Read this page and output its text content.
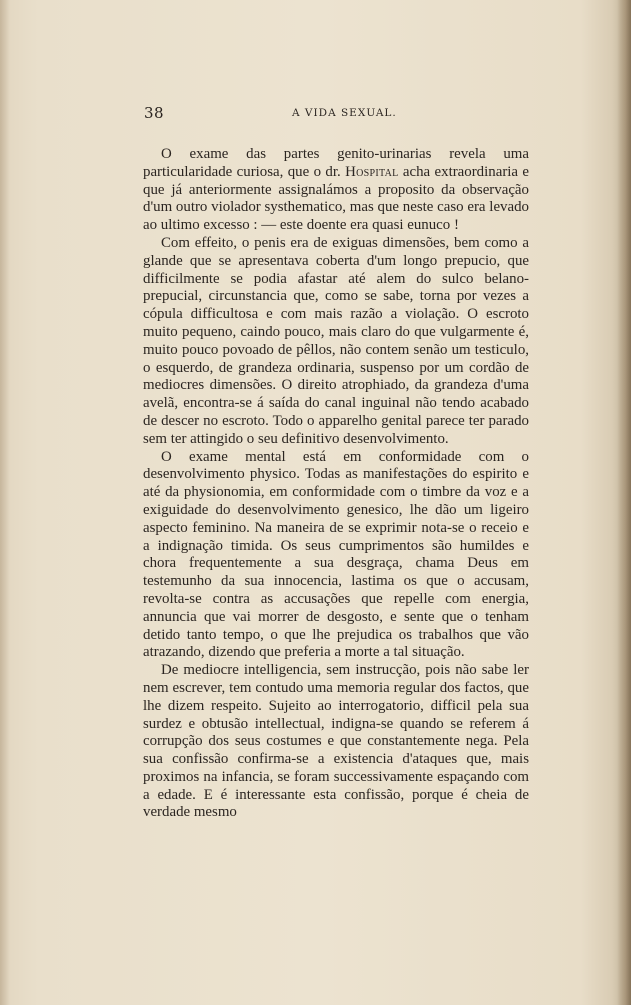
38	A VIDA SEXUAL.

O exame das partes genito-urinarias revela uma particularidade curiosa, que o dr. Hospital acha extraordinaria e que já anteriormente assignalámos a proposito da observação d'um outro violador systhematico, mas que neste caso era levado ao ultimo excesso : — este doente era quasi eunuco !

Com effeito, o penis era de exiguas dimensões, bem como a glande que se apresentava coberta d'um longo prepucio, que difficilmente se podia afastar até alem do sulco belano-prepucial, circunstancia que, como se sabe, torna por vezes a cópula difficultosa e com mais razão a violação. O escroto muito pequeno, caindo pouco, mais claro do que vulgarmente é, muito pouco povoado de pêllos, não contem senão um testiculo, o esquerdo, de grandeza ordinaria, suspenso por um cordão de mediocres dimensões. O direito atrophiado, da grandeza d'uma avelã, encontra-se á saída do canal inguinal não tendo acabado de descer no escroto. Todo o apparelho genital parece ter parado sem ter attingido o seu definitivo desenvolvimento.

O exame mental está em conformidade com o desenvolvimento physico. Todas as manifestações do espirito e até da physionomia, em conformidade com o timbre da voz e a exiguidade do desenvolvimento genesico, lhe dão um ligeiro aspecto feminino. Na maneira de se exprimir nota-se o receio e a indignação timida. Os seus cumprimentos são humildes e chora frequentemente a sua desgraça, chama Deus em testemunho da sua innocencia, lastima os que o accusam, revolta-se contra as accusações que repelle com energia, annuncia que vai morrer de desgosto, e sente que o tenham detido tanto tempo, o que lhe prejudica os trabalhos que vão atrazando, dizendo que preferia a morte a tal situação.

De mediocre intelligencia, sem instrucção, pois não sabe ler nem escrever, tem contudo uma memoria regular dos factos, que lhe dizem respeito. Sujeito ao interrogatorio, difficil pela sua surdez e obtusão intellectual, indigna-se quando se referem á corrupção dos seus costumes e que constantemente nega. Pela sua confissão confirma-se a existencia d'ataques que, mais proximos na infancia, se foram successivamente espaçando com a edade. E é interessante esta confissão, porque é cheia de verdade mesmo
